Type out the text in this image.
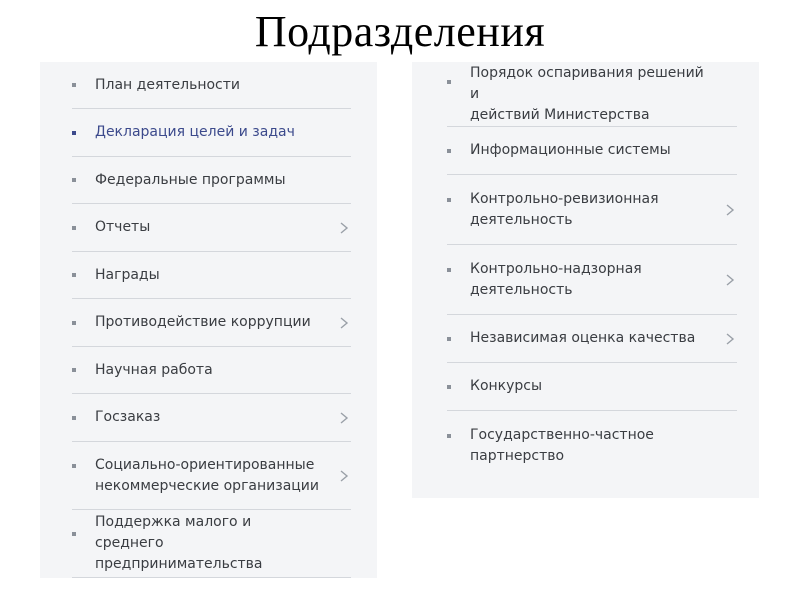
Подразделения
План деятельности
Декларация целей и задач
Федеральные программы
Отчеты
Награды
Противодействие коррупции
Научная работа
Госзаказ
Социально-ориентированные
некоммерческие организации
Поддержка малого и среднего
предпринимательства
Порядок оспаривания решений и
действий Министерства
Информационные системы
Контрольно-ревизионная
деятельность
Контрольно-надзорная
деятельность
Независимая оценка качества
Конкурсы
Государственно-частное
партнерство
